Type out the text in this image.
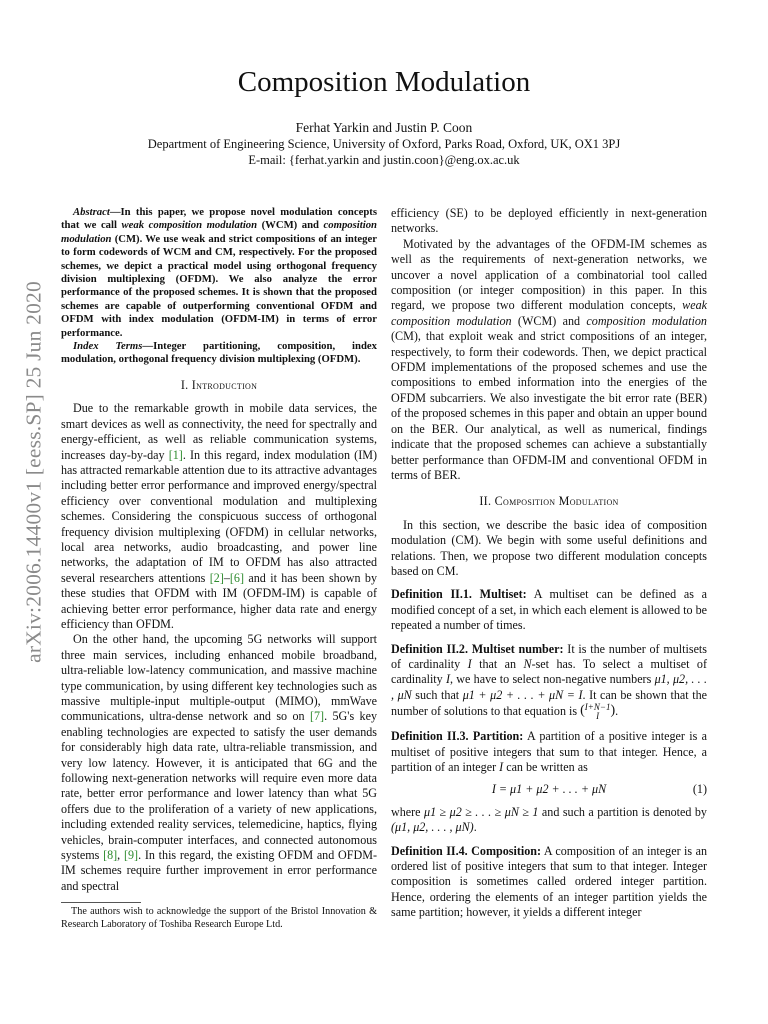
arXiv:2006.14400v1 [eess.SP] 25 Jun 2020
Composition Modulation
Ferhat Yarkin and Justin P. Coon
Department of Engineering Science, University of Oxford, Parks Road, Oxford, UK, OX1 3PJ
E-mail: {ferhat.yarkin and justin.coon}@eng.ox.ac.uk

Abstract—In this paper, we propose novel modulation concepts that we call weak composition modulation (WCM) and composition modulation (CM). We use weak and strict compositions of an integer to form codewords of WCM and CM, respectively. For the proposed schemes, we depict a practical model using orthogonal frequency division multiplexing (OFDM). We also analyze the error performance of the proposed schemes. It is shown that the proposed schemes are capable of outperforming conventional OFDM and OFDM with index modulation (OFDM-IM) in terms of error performance.

Index Terms—Integer partitioning, composition, index modulation, orthogonal frequency division multiplexing (OFDM).

I. Introduction

Due to the remarkable growth in mobile data services, the smart devices as well as connectivity, the need for spectrally and energy-efficient, as well as reliable communication systems, increases day-by-day [1]. In this regard, index modulation (IM) has attracted remarkable attention due to its attractive advantages including better error performance and improved energy/spectral efficiency over conventional modulation and multiplexing schemes. Considering the conspicuous success of orthogonal frequency division multiplexing (OFDM) in cellular networks, local area networks, audio broadcasting, and power line networks, the adaptation of IM to OFDM has also attracted several researchers attentions [2]–[6] and it has been shown by these studies that OFDM with IM (OFDM-IM) is capable of achieving better error performance, higher data rate and energy efficiency than OFDM.

On the other hand, the upcoming 5G networks will support three main services, including enhanced mobile broadband, ultra-reliable low-latency communication, and massive machine type communication, by using different key technologies such as massive multiple-input multiple-output (MIMO), mmWave communications, ultra-dense network and so on [7]. 5G's key enabling technologies are expected to satisfy the user demands for considerably high data rate, ultra-reliable transmission, and very low latency. However, it is anticipated that 6G and the following next-generation networks will require even more data rate, better error performance and lower latency than what 5G offers due to the proliferation of a variety of new applications, including extended reality services, telemedicine, haptics, flying vehicles, brain-computer interfaces, and connected autonomous systems [8], [9]. In this regard, the existing OFDM and OFDM-IM schemes require further improvement in error performance and spectral

The authors wish to acknowledge the support of the Bristol Innovation & Research Laboratory of Toshiba Research Europe Ltd.

efficiency (SE) to be deployed efficiently in next-generation networks.

Motivated by the advantages of the OFDM-IM schemes as well as the requirements of next-generation networks, we uncover a novel application of a combinatorial tool called composition (or integer composition) in this paper. In this regard, we propose two different modulation concepts, weak composition modulation (WCM) and composition modulation (CM), that exploit weak and strict compositions of an integer, respectively, to form their codewords. Then, we depict practical OFDM implementations of the proposed schemes and use the compositions to embed information into the energies of the OFDM subcarriers. We also investigate the bit error rate (BER) of the proposed schemes in this paper and obtain an upper bound on the BER. Our analytical, as well as numerical, findings indicate that the proposed schemes can achieve a substantially better performance than OFDM-IM and conventional OFDM in terms of BER.

II. Composition Modulation

In this section, we describe the basic idea of composition modulation (CM). We begin with some useful definitions and relations. Then, we propose two different modulation concepts based on CM.

Definition II.1. Multiset: A multiset can be defined as a modified concept of a set, in which each element is allowed to be repeated a number of times.

Definition II.2. Multiset number: It is the number of multisets of cardinality I that an N-set has. To select a multiset of cardinality I, we have to select non-negative numbers μ1, μ2, . . . , μN such that μ1 + μ2 + . . . + μN = I. It can be shown that the number of solutions to that equation is ( I+N−1
I ).

Definition II.3. Partition: A partition of a positive integer is a multiset of positive integers that sum to that integer. Hence, a partition of an integer I can be written as

I = μ1 + μ2 + . . . + μN	(1)

where μ1 ≥ μ2 ≥ . . . ≥ μN ≥ 1 and such a partition is denoted by (μ1, μ2, . . . , μN).

Definition II.4. Composition: A composition of an integer is an ordered list of positive integers that sum to that integer. Integer composition is sometimes called ordered integer partition. Hence, ordering the elements of an integer partition yields the same partition; however, it yields a different integer
